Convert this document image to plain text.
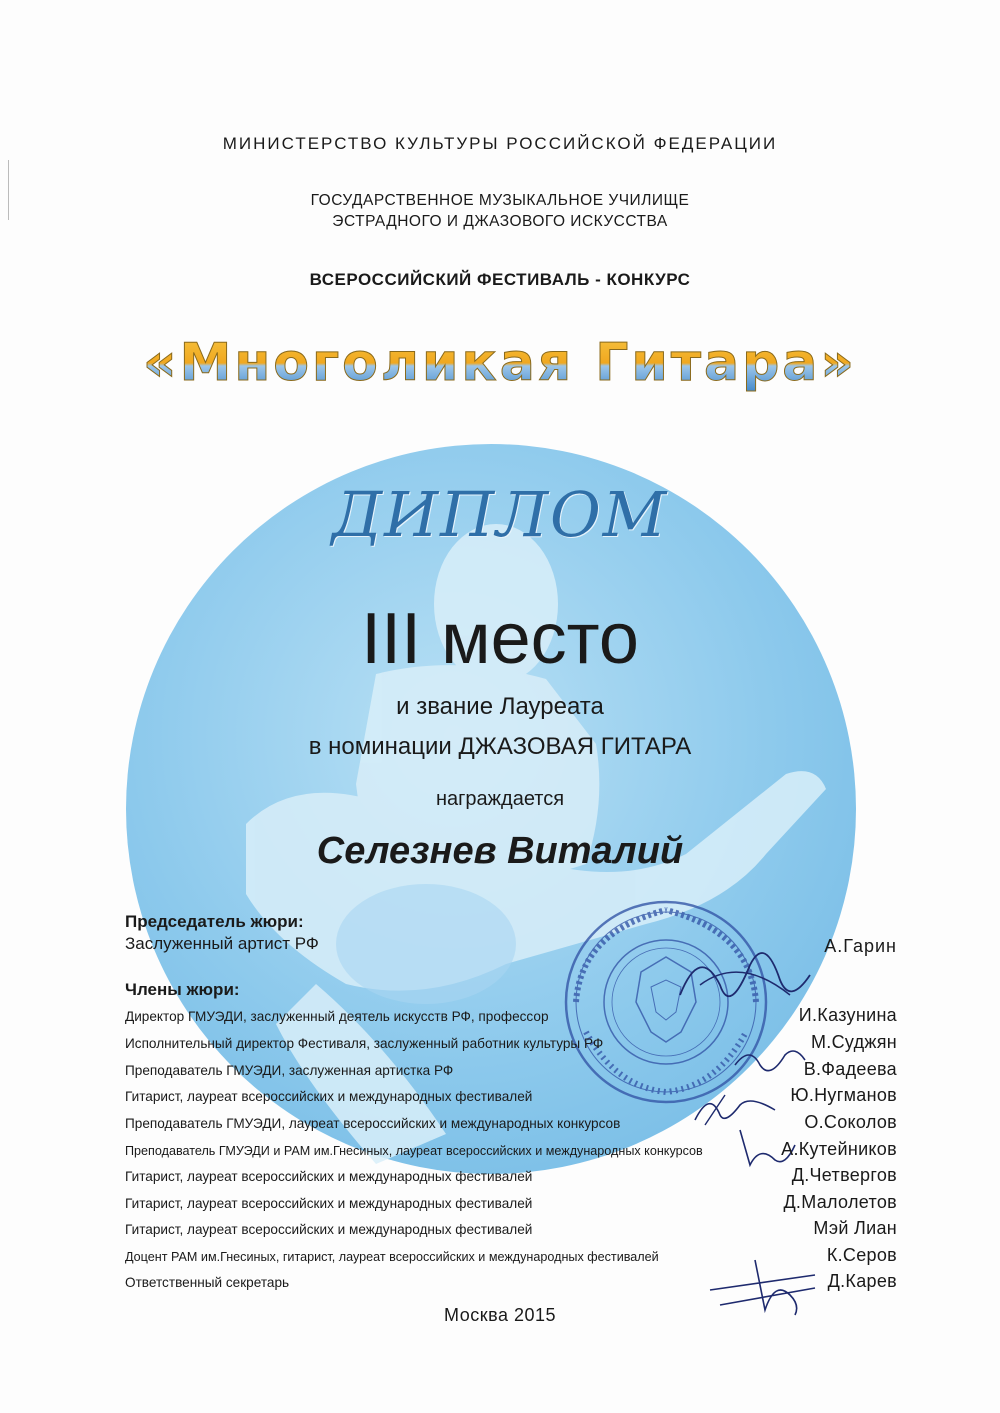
МИНИСТЕРСТВО КУЛЬТУРЫ РОССИЙСКОЙ ФЕДЕРАЦИИ
ГОСУДАРСТВЕННОЕ МУЗЫКАЛЬНОЕ УЧИЛИЩЕ
ЭСТРАДНОГО И ДЖАЗОВОГО ИСКУССТВА
ВСЕРОССИЙСКИЙ ФЕСТИВАЛЬ - КОНКУРС
«Многоликая Гитара»
ДИПЛОМ
III место
и звание Лауреата
в номинации ДЖАЗОВАЯ ГИТАРА
награждается
Селезнев Виталий
Председатель жюри:
Заслуженный артист РФ	А.Гарин
Члены жюри:
Директор ГМУЭДИ, заслуженный деятель искусств РФ, профессор	И.Казунина
Исполнительный директор Фестиваля, заслуженный работник культуры РФ	М.Суджян
Преподаватель ГМУЭДИ, заслуженная артистка РФ	В.Фадеева
Гитарист, лауреат всероссийских и международных фестивалей	Ю.Нугманов
Преподаватель ГМУЭДИ, лауреат всероссийских и международных конкурсов	О.Соколов
Преподаватель ГМУЭДИ и РАМ им.Гнесиных, лауреат всероссийских и международных конкурсов	А.Кутейников
Гитарист, лауреат всероссийских и международных фестивалей	Д.Четвергов
Гитарист, лауреат всероссийских и международных фестивалей	Д.Малолетов
Гитарист, лауреат всероссийских и международных фестивалей	Мэй Лиан
Доцент РАМ им.Гнесиных, гитарист, лауреат всероссийских и международных фестивалей	К.Серов
Ответственный секретарь	Д.Карев
Москва 2015
